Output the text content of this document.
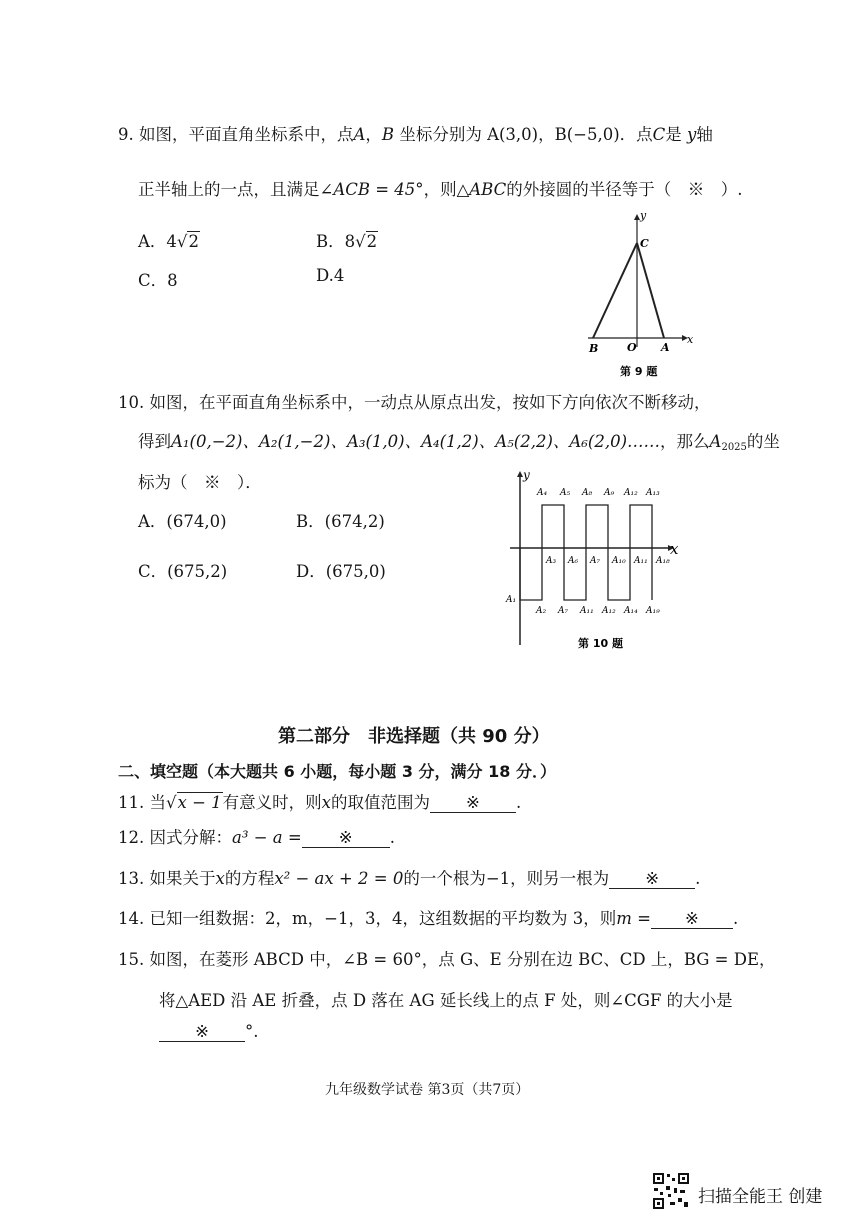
9. 如图，平面直角坐标系中，点A，B 坐标分别为 A(3,0)，B(−5,0)．点C是 y轴
正半轴上的一点，且满足∠ACB = 45°，则△ABC的外接圆的半径等于（　※　）.
A．4√2	B．8√2
C．8	D.4
y
C
B	O A
x
第 9 题
10. 如图，在平面直角坐标系中，一动点从原点出发，按如下方向依次不断移动，
得到A₁(0,−2)、A₂(1,−2)、A₃(1,0)、A₄(1,2)、A₅(2,2)、A₆(2,0)……，那么$A_{2025}$的坐
标为（　※　）．
A．(674,0)	B．(674,2)
C．(675,2)	D．(675,0)
y
x
A₄ A₅ A₈ A₉ A₁₂ A₁₃
A₃ A₆ A₇ A₁₀ A₁₁ A₁₈
A₁
A₂ A₇ A₁₁ A₁₂ A₁₄ A₁₉
第 10 题
第二部分　非选择题（共 90 分）
二、填空题（本大题共 6 小题，每小题 3 分，满分 18 分．）
11. 当√x − 1有意义时，则x的取值范围为 ※ .
12. 因式分解：a³ − a = ※ .
13. 如果关于x的方程x² − ax + 2 = 0的一个根为−1，则另一根为 ※ .
14. 已知一组数据：2，m，−1，3，4，这组数据的平均数为 3，则m = ※ .
15. 如图，在菱形 ABCD 中，∠B = 60°，点 G、E 分别在边 BC、CD 上，BG = DE，
将△AED 沿 AE 折叠，点 D 落在 AG 延长线上的点 F 处，则∠CGF 的大小是
※ °.
九年级数学试卷 第3页（共7页）
扫描全能王 创建
